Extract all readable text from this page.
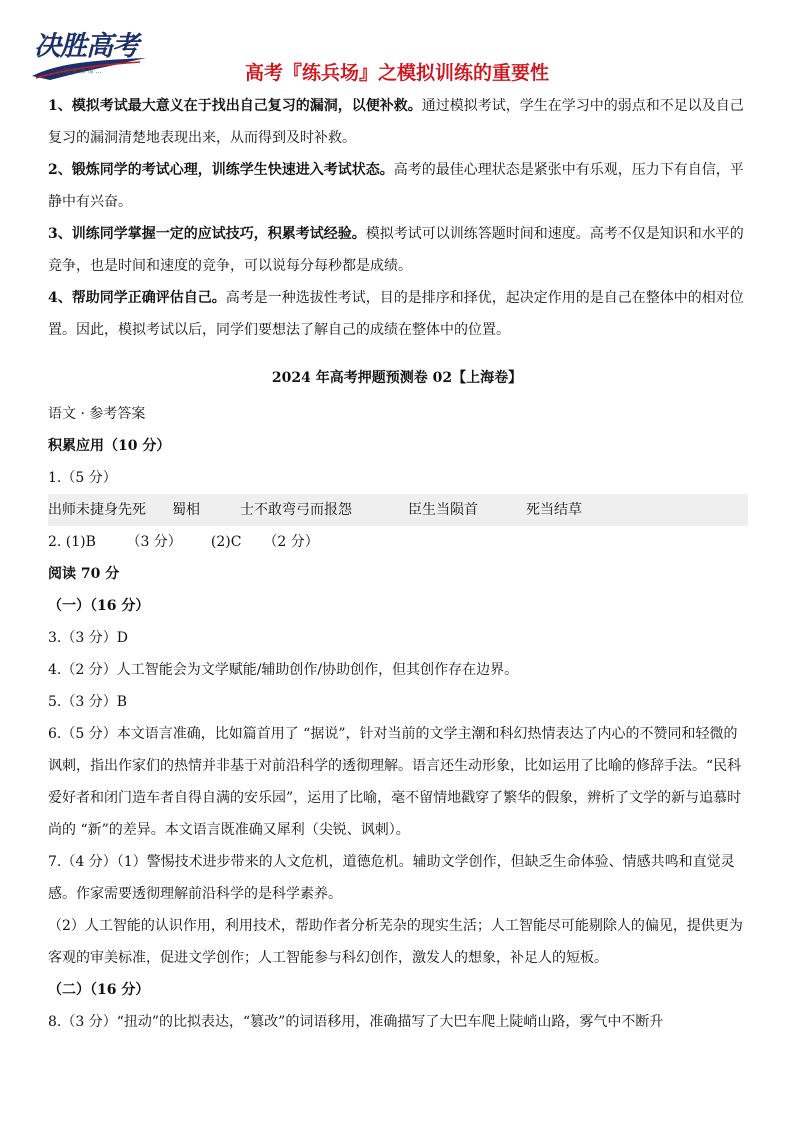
决胜高考
一 起 来 参 加 ...	高考『练兵场』之模拟训练的重要性

1、模拟考试最大意义在于找出自己复习的漏洞，以便补救。通过模拟考试，学生在学习中的弱点和不足以及自己复习的漏洞清楚地表现出来，从而得到及时补救。

2、锻炼同学的考试心理，训练学生快速进入考试状态。高考的最佳心理状态是紧张中有乐观，压力下有自信，平静中有兴奋。

3、训练同学掌握一定的应试技巧，积累考试经验。模拟考试可以训练答题时间和速度。高考不仅是知识和水平的竞争，也是时间和速度的竞争，可以说每分每秒都是成绩。

4、帮助同学正确评估自己。高考是一种选拔性考试，目的是排序和择优，起决定作用的是自己在整体中的相对位置。因此，模拟考试以后，同学们要想法了解自己的成绩在整体中的位置。

2024 年高考押题预测卷 02【上海卷】

语文 · 参考答案

积累应用（10 分）

1.（5 分）

出师未捷身先死	蜀相	士不敢弯弓而报怨	臣生当陨首	死当结草

2. (1)B （3 分） (2)C （2 分）

阅读 70 分

（一）（16 分）

3.（3 分）D

4.（2 分）人工智能会为文学赋能/辅助创作/协助创作，但其创作存在边界。

5.（3 分）B

6.（5 分）本文语言准确，比如篇首用了 “据说”，针对当前的文学主潮和科幻热情表达了内心的不赞同和轻微的讽刺，指出作家们的热情并非基于对前沿科学的透彻理解。语言还生动形象，比如运用了比喻的修辞手法。“民科爱好者和闭门造车者自得自满的安乐园”，运用了比喻，毫不留情地戳穿了繁华的假象，辨析了文学的新与追慕时尚的 “新”的差异。本文语言既准确又犀利（尖锐、讽刺）。

7.（4 分）（1）警惕技术进步带来的人文危机，道德危机。辅助文学创作，但缺乏生命体验、情感共鸣和直觉灵感。作家需要透彻理解前沿科学的是科学素养。

（2）人工智能的认识作用，利用技术，帮助作者分析芜杂的现实生活；人工智能尽可能剔除人的偏见，提供更为客观的审美标准，促进文学创作；人工智能参与科幻创作，激发人的想象，补足人的短板。

（二）（16 分）

8.（3 分）“扭动”的比拟表达，“篡改”的词语移用，准确描写了大巴车爬上陡峭山路，雾气中不断升
